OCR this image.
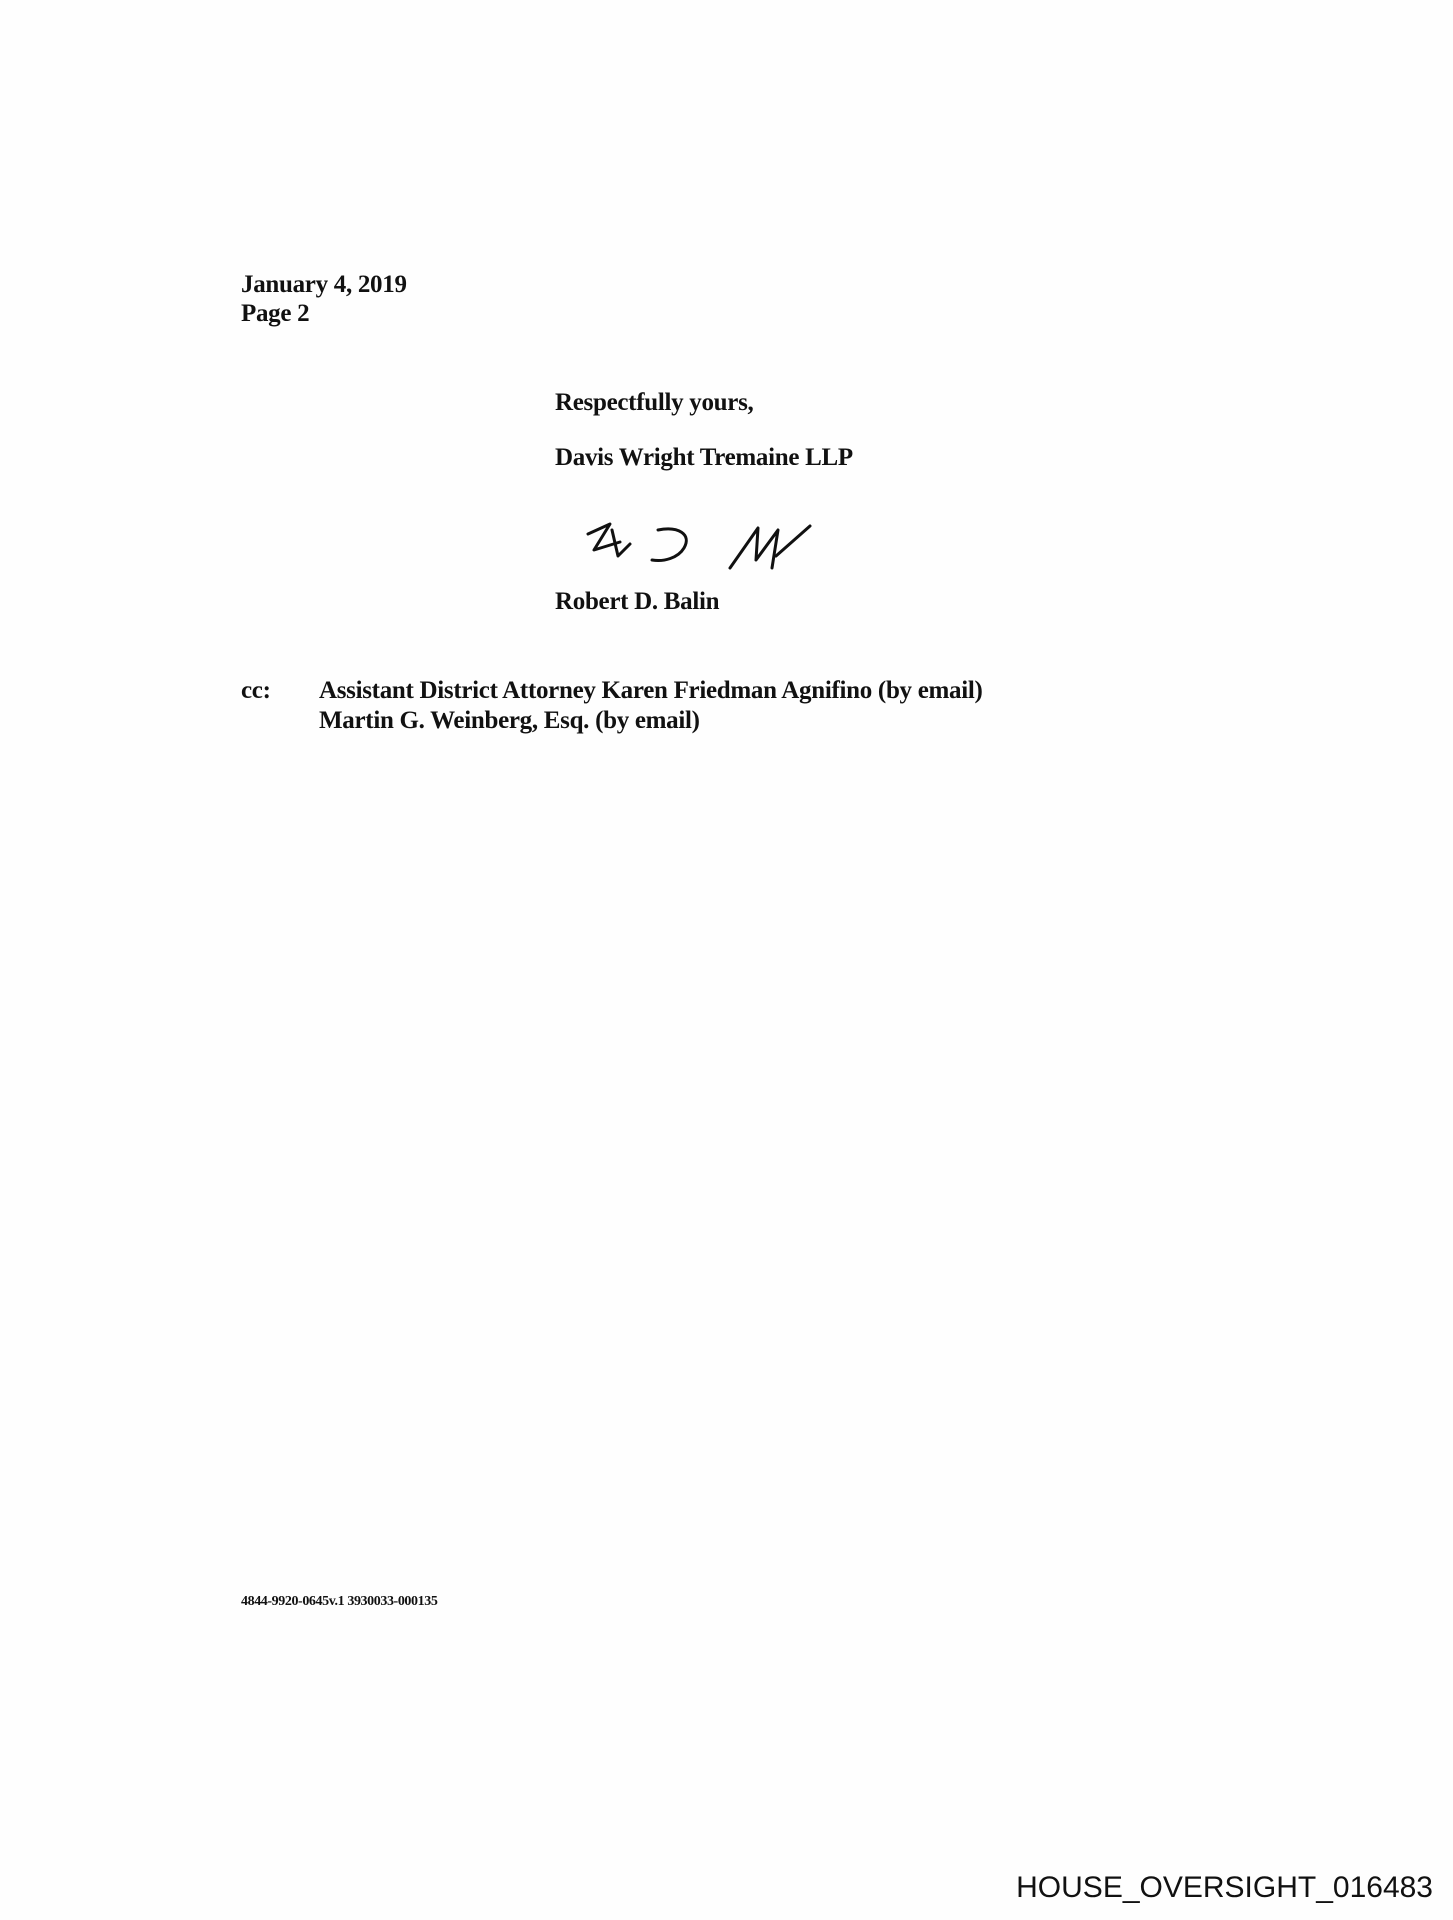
January 4, 2019
Page 2
Respectfully yours,
Davis Wright Tremaine LLP
Robert D. Balin
cc: Assistant District Attorney Karen Friedman Agnifino (by email)
Martin G. Weinberg, Esq. (by email)
4844-9920-0645v.1 3930033-000135
HOUSE_OVERSIGHT_016483
